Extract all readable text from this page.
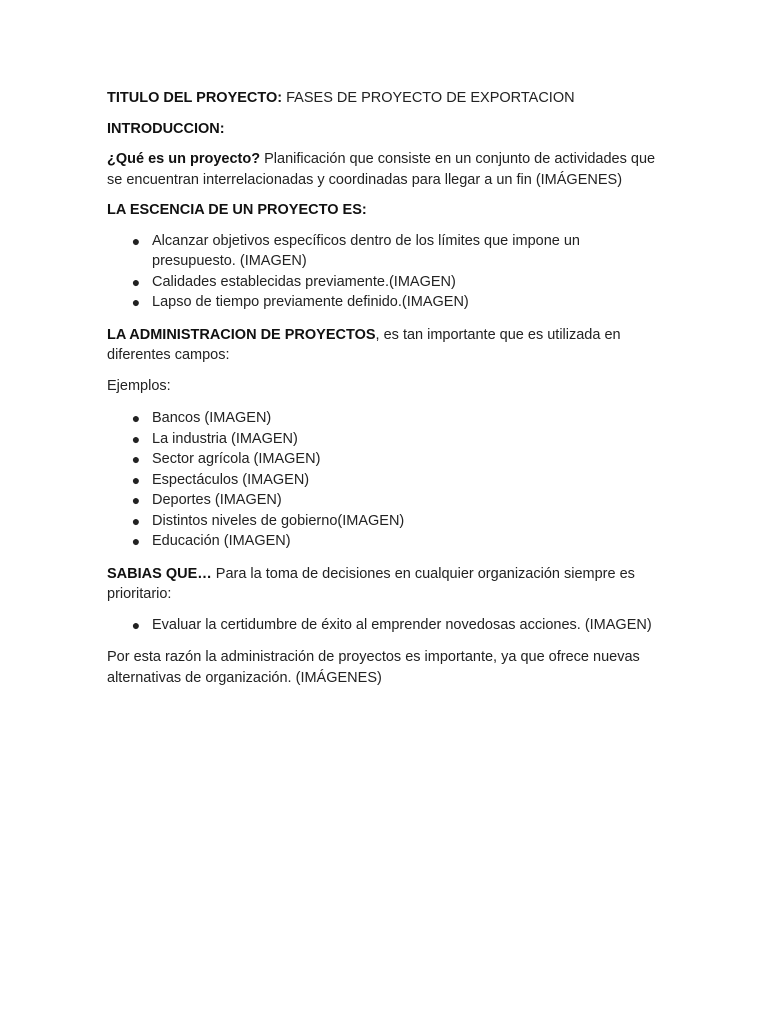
TITULO DEL PROYECTO: FASES DE PROYECTO DE EXPORTACION

INTRODUCCION:

¿Qué es un proyecto? Planificación que consiste en un conjunto de actividades que se encuentran interrelacionadas y coordinadas para llegar a un fin (IMÁGENES)

LA ESCENCIA DE UN PROYECTO ES:

● Alcanzar objetivos específicos dentro de los límites que impone un presupuesto. (IMAGEN)
● Calidades establecidas previamente.(IMAGEN)
● Lapso de tiempo previamente definido.(IMAGEN)

LA ADMINISTRACION DE PROYECTOS, es tan importante que es utilizada en diferentes campos:

Ejemplos:

● Bancos (IMAGEN)
● La industria (IMAGEN)
● Sector agrícola (IMAGEN)
● Espectáculos (IMAGEN)
● Deportes (IMAGEN)
● Distintos niveles de gobierno(IMAGEN)
● Educación (IMAGEN)

SABIAS QUE… Para la toma de decisiones en cualquier organización siempre es prioritario:

● Evaluar la certidumbre de éxito al emprender novedosas acciones. (IMAGEN)

Por esta razón la administración de proyectos es importante, ya que ofrece nuevas alternativas de organización. (IMÁGENES)
